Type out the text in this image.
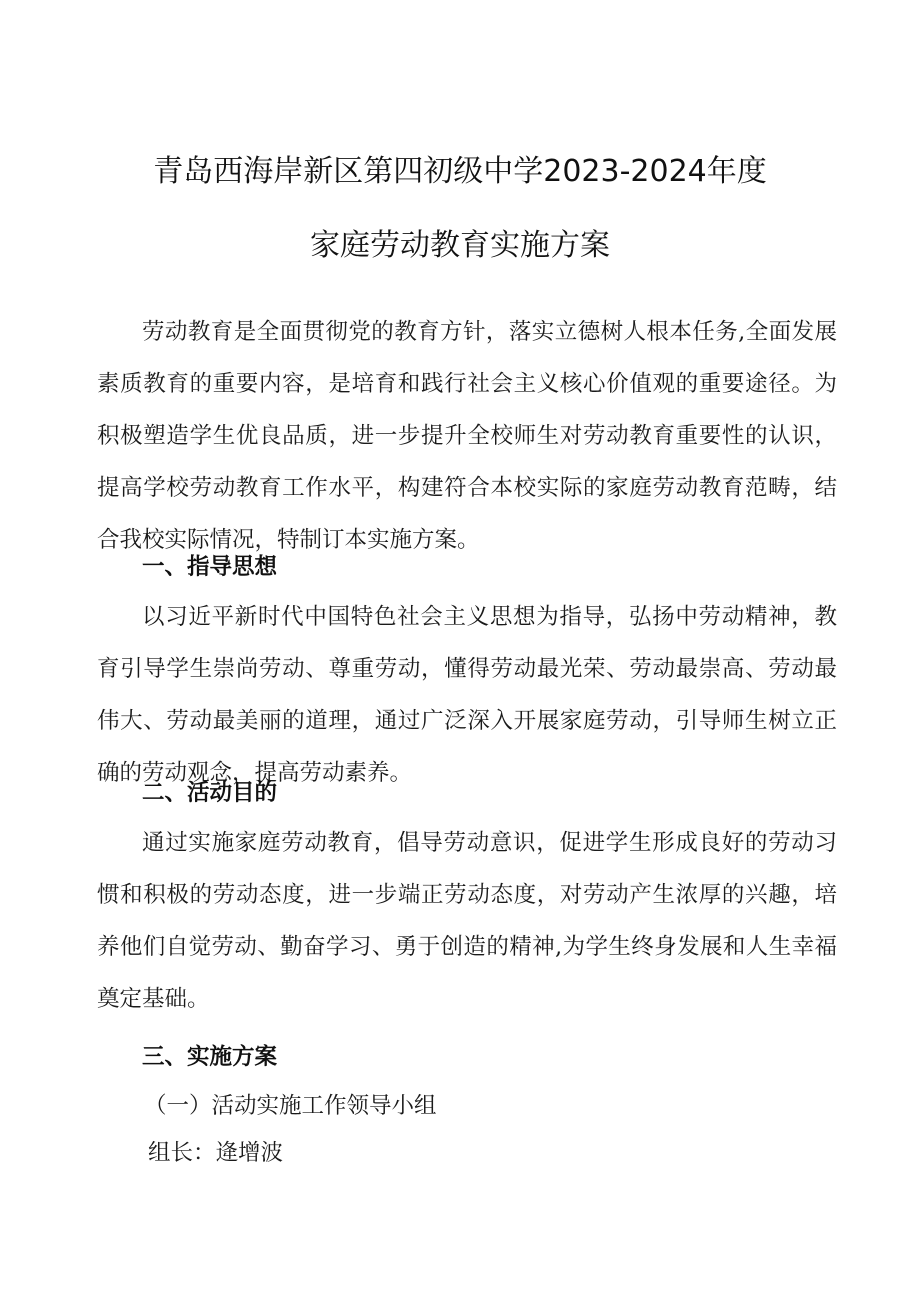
青岛西海岸新区第四初级中学2023-2024年度
家庭劳动教育实施方案

劳动教育是全面贯彻党的教育方针，落实立德树人根本任务,全面发展素质教育的重要内容，是培育和践行社会主义核心价值观的重要途径。为积极塑造学生优良品质，进一步提升全校师生对劳动教育重要性的认识，提高学校劳动教育工作水平，构建符合本校实际的家庭劳动教育范畴，结合我校实际情况，特制订本实施方案。

一、指导思想

以习近平新时代中国特色社会主义思想为指导，弘扬中劳动精神，教育引导学生崇尚劳动、尊重劳动，懂得劳动最光荣、劳动最崇高、劳动最伟大、劳动最美丽的道理，通过广泛深入开展家庭劳动，引导师生树立正确的劳动观念，提高劳动素养。

二、活动目的

通过实施家庭劳动教育，倡导劳动意识，促进学生形成良好的劳动习惯和积极的劳动态度，进一步端正劳动态度，对劳动产生浓厚的兴趣，培养他们自觉劳动、勤奋学习、勇于创造的精神,为学生终身发展和人生幸福奠定基础。

三、实施方案

（一）活动实施工作领导小组

组长：逄增波
